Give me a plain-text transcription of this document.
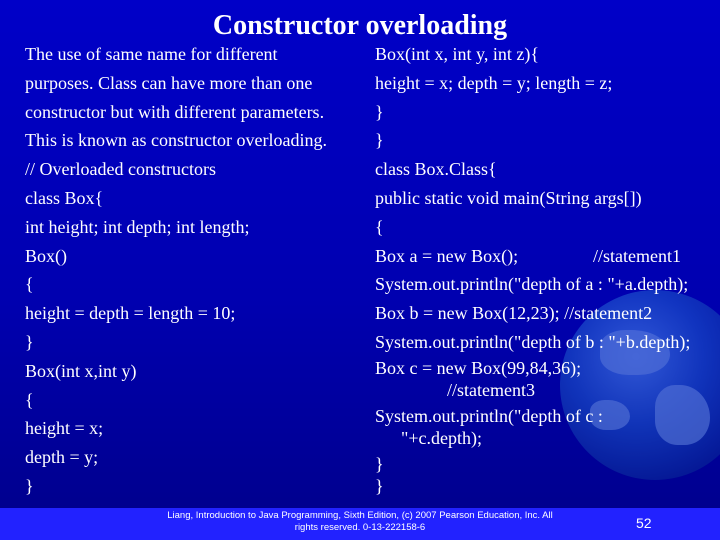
Constructor overloading
The use of same name for different
purposes. Class can have more than one
constructor but with different parameters.
This is known as constructor overloading.
// Overloaded constructors
class Box{
int height; int depth; int length;
Box()
{
height = depth = length = 10;
}
Box(int x,int y)
{
height = x;
depth = y;
}
Box(int x, int y, int z){
height = x; depth = y; length = z;
}
}
class Box.Class{
public static void main(String args[])
{
Box a = new Box();	//statement1
System.out.println("depth of a : "+a.depth);
Box b = new Box(12,23); //statement2
System.out.println("depth of b : "+b.depth);
Box c = new Box(99,84,36);
//statement3
System.out.println("depth of c :
"+c.depth);
}
}
Liang, Introduction to Java Programming, Sixth Edition, (c) 2007 Pearson Education, Inc. All
rights reserved. 0-13-222158-6	52
